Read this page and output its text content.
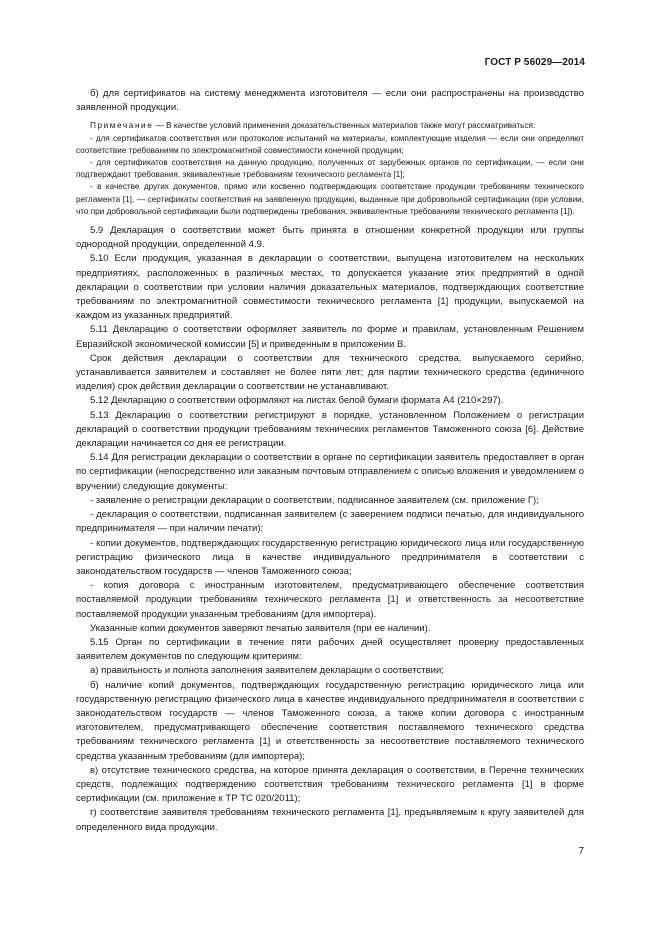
ГОСТ Р 56029—2014

б) для сертификатов на систему менеджмента изготовителя — если они распространены на производство заявленной продукции.

Примечание — В качестве условий применения доказательственных материалов также могут рассматриваться:

- для сертификатов соответствия или протоколов испытаний на материалы, комплектующие изделия — если они определяют соответствие требованиям по электромагнитной совместимости конечной продукции;

- для сертификатов соответствия на данную продукцию, полученных от зарубежных органов по сертификации, — если они подтверждают требования, эквивалентные требованиям технического регламента [1];

- в качестве других документов, прямо или косвенно подтверждающих соответствие продукции требованиям технического регламента [1], — сертификаты соответствия на заявленную продукцию, выданные при добровольной сертификации (при условии, что при добровольной сертификации были подтверждены требования, эквивалентные требованиям технического регламента [1]).

5.9 Декларация о соответствии может быть принята в отношении конкретной продукции или группы однородной продукции, определенной 4.9.

5.10 Если продукция, указанная в декларации о соответствии, выпущена изготовителем на нескольких предприятиях, расположенных в различных местах, то допускается указание этих предприятий в одной декларации о соответствии при условии наличия доказательных материалов, подтверждающих соответствие требованиям по электромагнитной совместимости технического регламента [1] продукции, выпускаемой на каждом из указанных предприятий.

5.11 Декларацию о соответствии оформляет заявитель по форме и правилам, установленным Решением Евразийской экономической комиссии [5] и приведенным в приложении В.

Срок действия декларации о соответствии для технического средства, выпускаемого серийно, устанавливается заявителем и составляет не более пяти лет; для партии технического средства (единичного изделия) срок действия декларации о соответствии не устанавливают.

5.12 Декларацию о соответствии оформляют на листах белой бумаги формата А4 (210×297).

5.13 Декларацию о соответствии регистрируют в порядке, установленном Положением о регистрации деклараций о соответствии продукции требованиям технических регламентов Таможенного союза [6]. Действие декларации начинается со дня ее регистрации.

5.14 Для регистрации декларации о соответствии в органе по сертификации заявитель предоставляет в орган по сертификации (непосредственно или заказным почтовым отправлением с описью вложения и уведомлением о вручении) следующие документы:

- заявление о регистрации декларации о соответствии, подписанное заявителем (см. приложение Г);

- декларация о соответствии, подписанная заявителем (с заверением подписи печатью, для индивидуального предпринимателя — при наличии печати);

- копии документов, подтверждающих государственную регистрацию юридического лица или государственную регистрацию физического лица в качестве индивидуального предпринимателя в соответствии с законодательством государств — членов Таможенного союза;

- копия договора с иностранным изготовителем, предусматривающего обеспечение соответствия поставляемой продукции требованиям технического регламента [1] и ответственность за несоответствие поставляемой продукции указанным требованиям (для импортера).

Указанные копии документов заверяют печатью заявителя (при ее наличии).

5.15 Орган по сертификации в течение пяти рабочих дней осуществляет проверку предоставленных заявителем документов по следующим критериям:

а) правильность и полнота заполнения заявителем декларации о соответствии;

б) наличие копий документов, подтверждающих государственную регистрацию юридического лица или государственную регистрацию физического лица в качестве индивидуального предпринимателя в соответствии с законодательством государств — членов Таможенного союза, а также копии договора с иностранным изготовителем, предусматривающего обеспечение соответствия поставляемого технического средства требованиям технического регламента [1] и ответственность за несоответствие поставляемого технического средства указанным требованиям (для импортера);

в) отсутствие технического средства, на которое принята декларация о соответствии, в Перечне технических средств, подлежащих подтверждению соответствия требованиям технического регламента [1] в форме сертификации (см. приложение к ТР ТС 020/2011);

г) соответствие заявителя требованиям технического регламента [1], предъявляемым к кругу заявителей для определенного вида продукции.

7
